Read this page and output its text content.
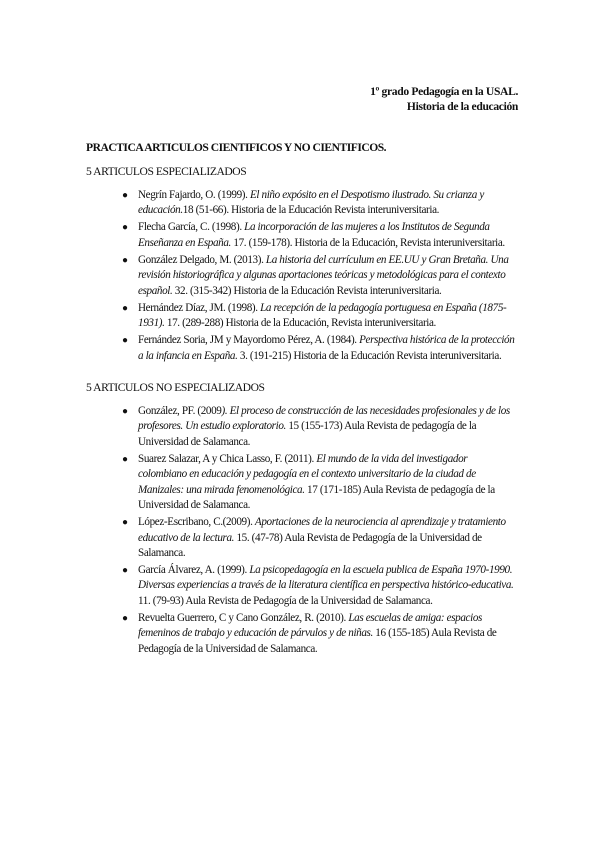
1º grado Pedagogía en la USAL.
Historia de la educación
PRACTICA ARTICULOS CIENTIFICOS Y NO CIENTIFICOS.
5 ARTICULOS ESPECIALIZADOS
● Negrín Fajardo, O. (1999). El niño expósito en el Despotismo ilustrado. Su crianza y educación.18 (51-66). Historia de la Educación Revista interuniversitaria.
● Flecha García, C. (1998). La incorporación de las mujeres a los Institutos de Segunda Enseñanza en España. 17. (159-178). Historia de la Educación, Revista interuniversitaria.
● González Delgado, M. (2013). La historia del currículum en EE.UU y Gran Bretaña. Una revisión historiográfica y algunas aportaciones teóricas y metodológicas para el contexto español. 32. (315-342) Historia de la Educación Revista interuniversitaria.
● Hernández Díaz, JM. (1998). La recepción de la pedagogía portuguesa en España (1875-1931). 17. (289-288) Historia de la Educación, Revista interuniversitaria.
● Fernández Soria, JM y Mayordomo Pérez, A. (1984). Perspectiva histórica de la protección a la infancia en España. 3. (191-215) Historia de la Educación Revista interuniversitaria.
5 ARTICULOS NO ESPECIALIZADOS
● González, PF. (2009). El proceso de construcción de las necesidades profesionales y de los profesores. Un estudio exploratorio. 15 (155-173) Aula Revista de pedagogía de la Universidad de Salamanca.
● Suarez Salazar, A y Chica Lasso, F. (2011). El mundo de la vida del investigador colombiano en educación y pedagogía en el contexto universitario de la ciudad de Manizales: una mirada fenomenológica. 17 (171-185) Aula Revista de pedagogía de la Universidad de Salamanca.
● López-Escribano, C.(2009). Aportaciones de la neurociencia al aprendizaje y tratamiento educativo de la lectura. 15. (47-78) Aula Revista de Pedagogía de la Universidad de Salamanca.
● García Álvarez, A. (1999). La psicopedagogía en la escuela publica de España 1970-1990. Diversas experiencias a través de la literatura científica en perspectiva histórico-educativa. 11. (79-93) Aula Revista de Pedagogía de la Universidad de Salamanca.
● Revuelta Guerrero, C y Cano González, R. (2010). Las escuelas de amiga: espacios femeninos de trabajo y educación de párvulos y de niñas. 16 (155-185) Aula Revista de Pedagogía de la Universidad de Salamanca.
